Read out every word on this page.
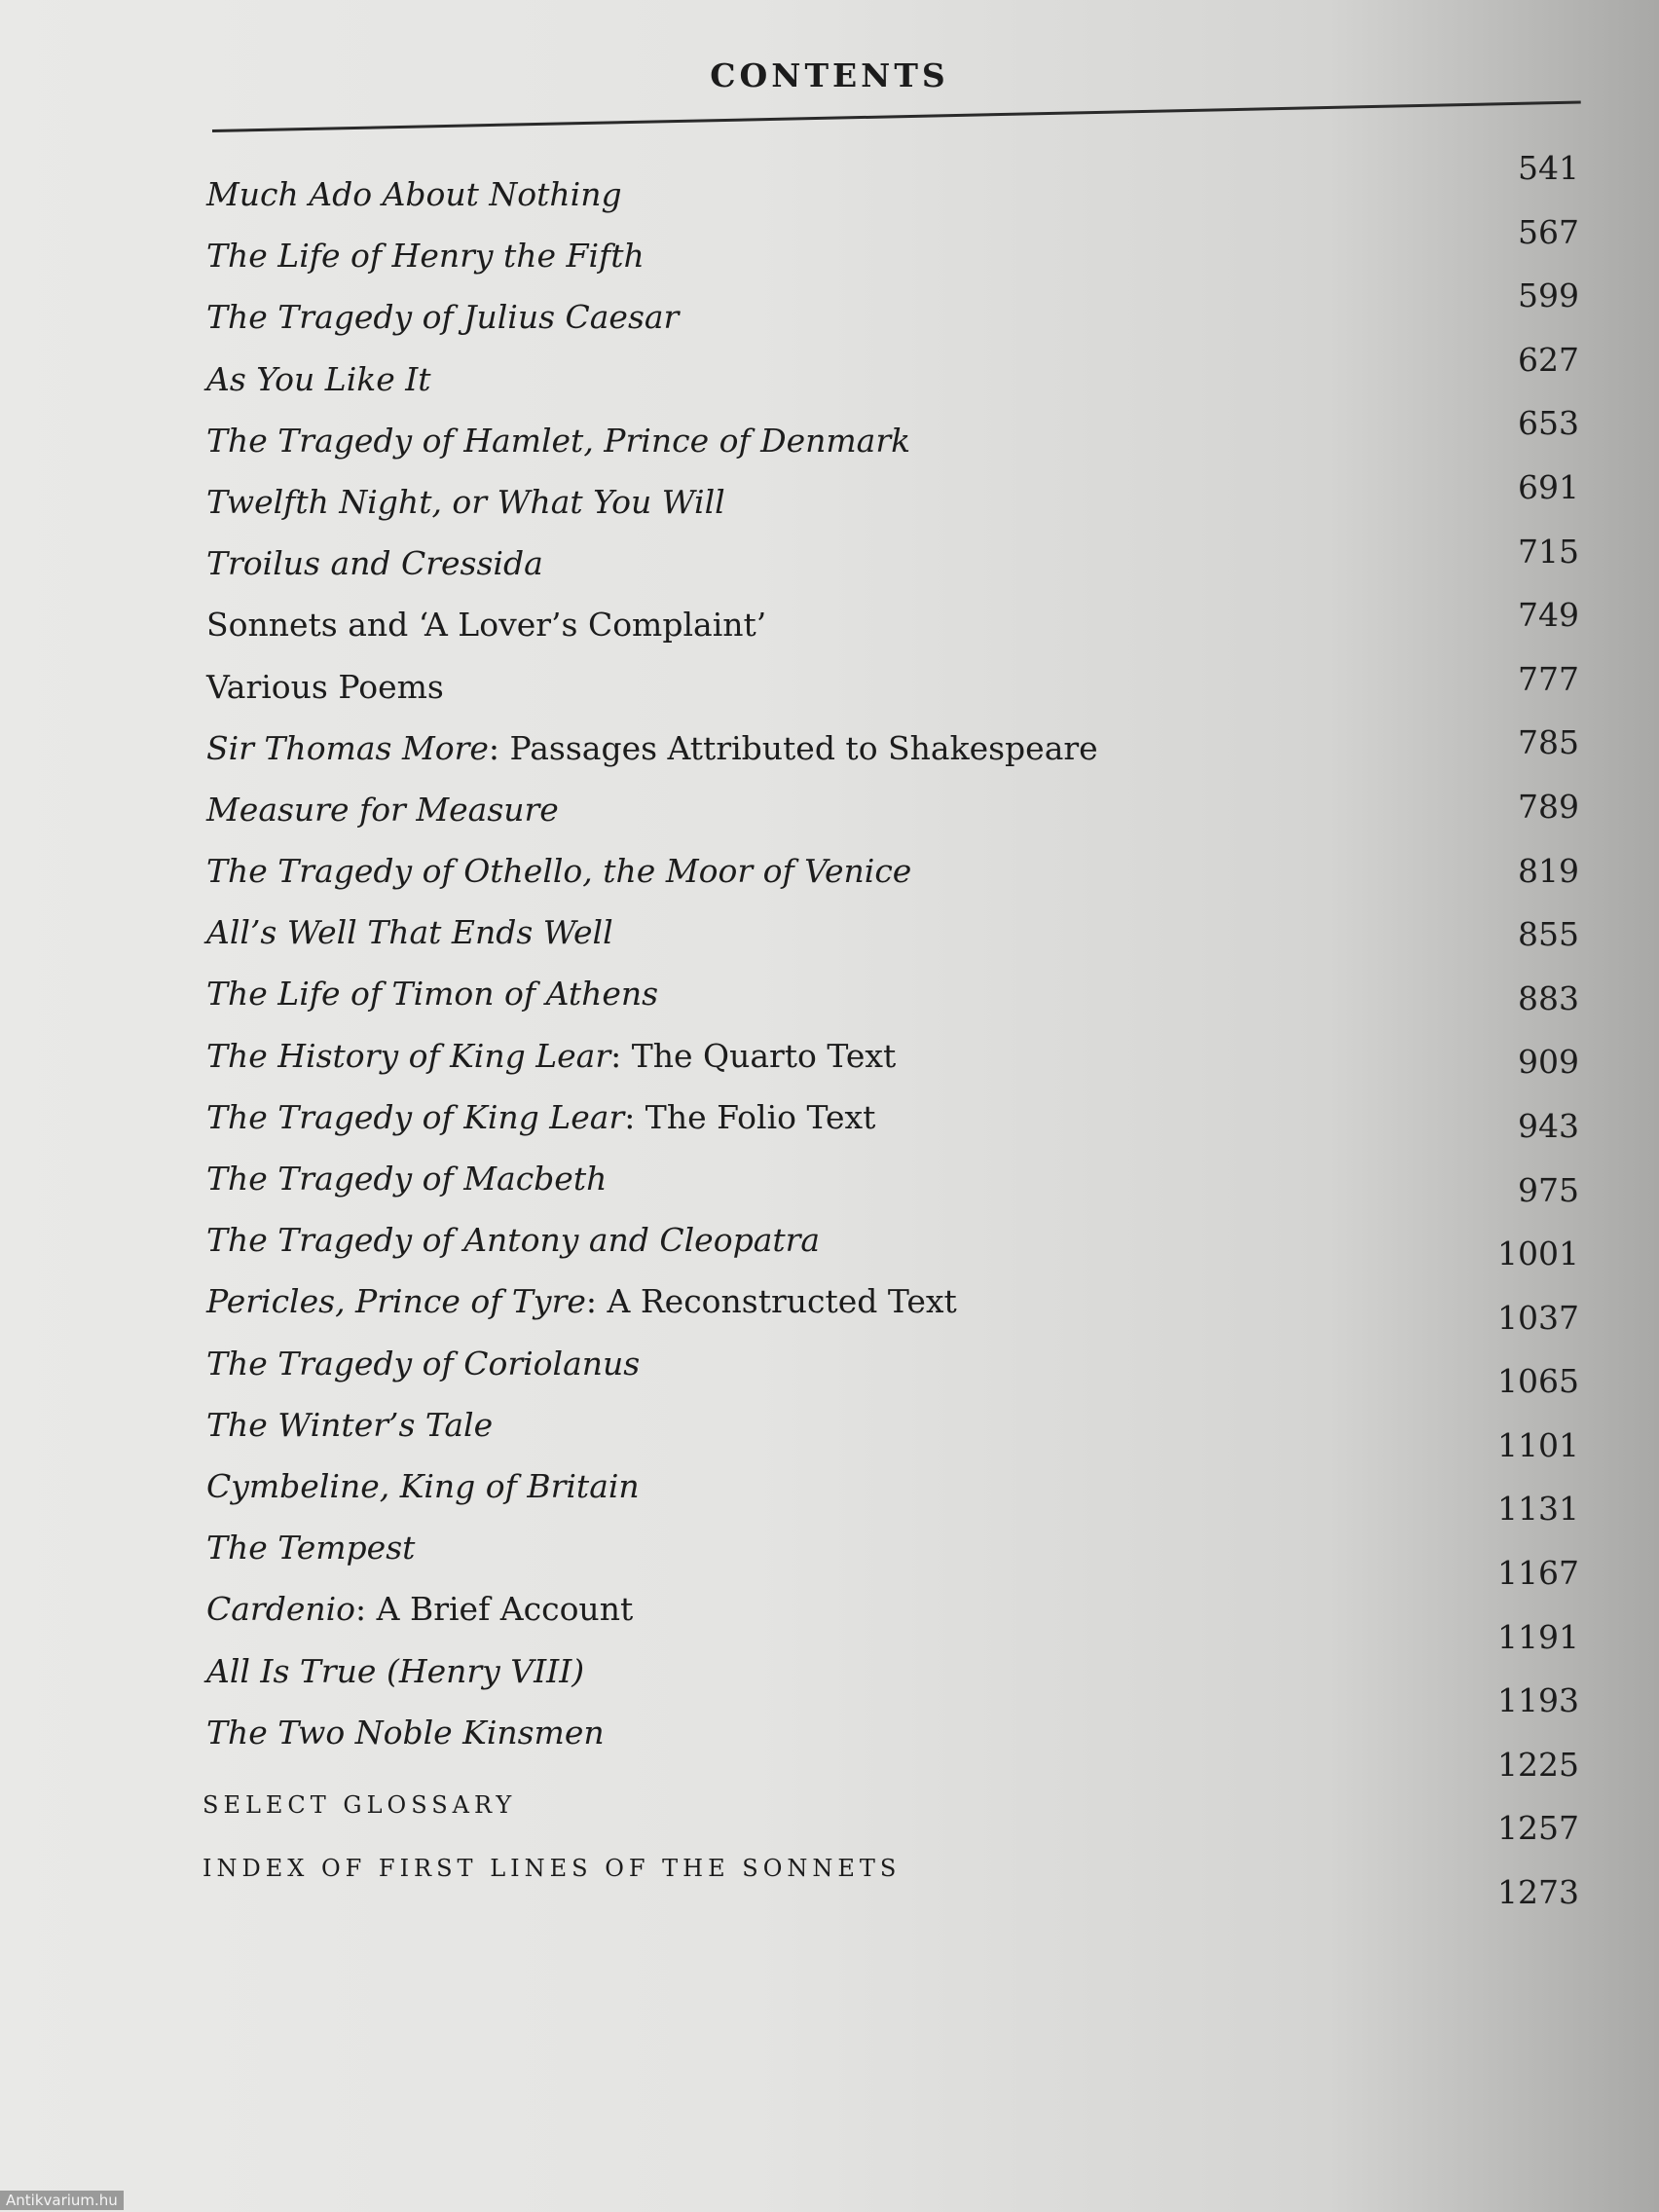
CONTENTS
Much Ado About Nothing
The Life of Henry the Fifth
The Tragedy of Julius Caesar
As You Like It
The Tragedy of Hamlet, Prince of Denmark
Twelfth Night, or What You Will
Troilus and Cressida
Sonnets and ‘A Lover’s Complaint’
Various Poems
Sir Thomas More: Passages Attributed to Shakespeare
Measure for Measure
The Tragedy of Othello, the Moor of Venice
All’s Well That Ends Well
The Life of Timon of Athens
The History of King Lear: The Quarto Text
The Tragedy of King Lear: The Folio Text
The Tragedy of Macbeth
The Tragedy of Antony and Cleopatra
Pericles, Prince of Tyre: A Reconstructed Text
The Tragedy of Coriolanus
The Winter’s Tale
Cymbeline, King of Britain
The Tempest
Cardenio: A Brief Account
All Is True (Henry VIII)
The Two Noble Kinsmen
SELECT GLOSSARY
INDEX OF FIRST LINES OF THE SONNETS
541
567
599
627
653
691
715
749
777
785
789
819
855
883
909
943
975
1001
1037
1065
1101
1131
1167
1191
1193
1225
1257
1273
Antikvarium.hu
